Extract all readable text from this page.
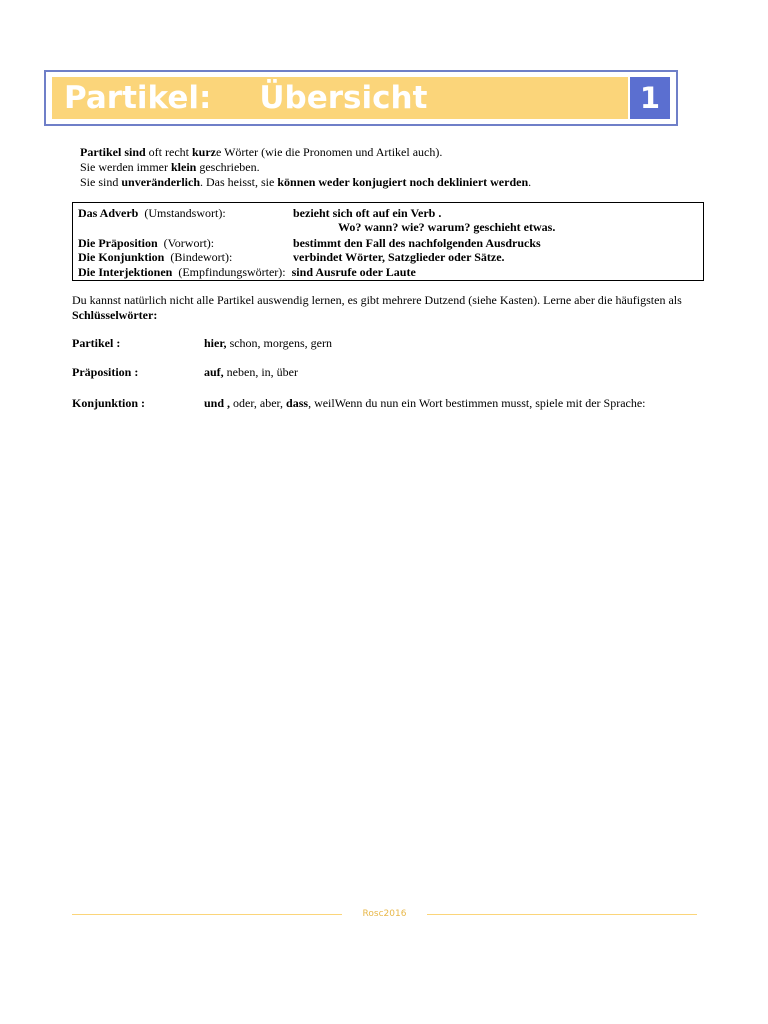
Partikel: Übersicht	1
Partikel sind oft recht kurze Wörter (wie die Pronomen und Artikel auch).
Sie werden immer klein geschrieben.
Sie sind unveränderlich. Das heisst, sie können weder konjugiert noch dekliniert werden.
Das Adverb (Umstandswort):	bezieht sich oft auf ein Verb .
Wo? wann? wie? warum? geschieht etwas.
Die Präposition (Vorwort):	bestimmt den Fall des nachfolgenden Ausdrucks
Die Konjunktion (Bindewort):	verbindet Wörter, Satzglieder oder Sätze.
Die Interjektionen (Empfindungswörter): sind Ausrufe oder Laute
Du kannst natürlich nicht alle Partikel auswendig lernen, es gibt mehrere Dutzend (siehe Kasten). Lerne aber die häufigsten als Schlüsselwörter:
Partikel :	hier, schon, morgens, gern
Präposition :	auf, neben, in, über
Konjunktion :	und , oder, aber, dass, weilWenn du nun ein Wort bestimmen musst, spiele mit der Sprache:
Rosc2016
